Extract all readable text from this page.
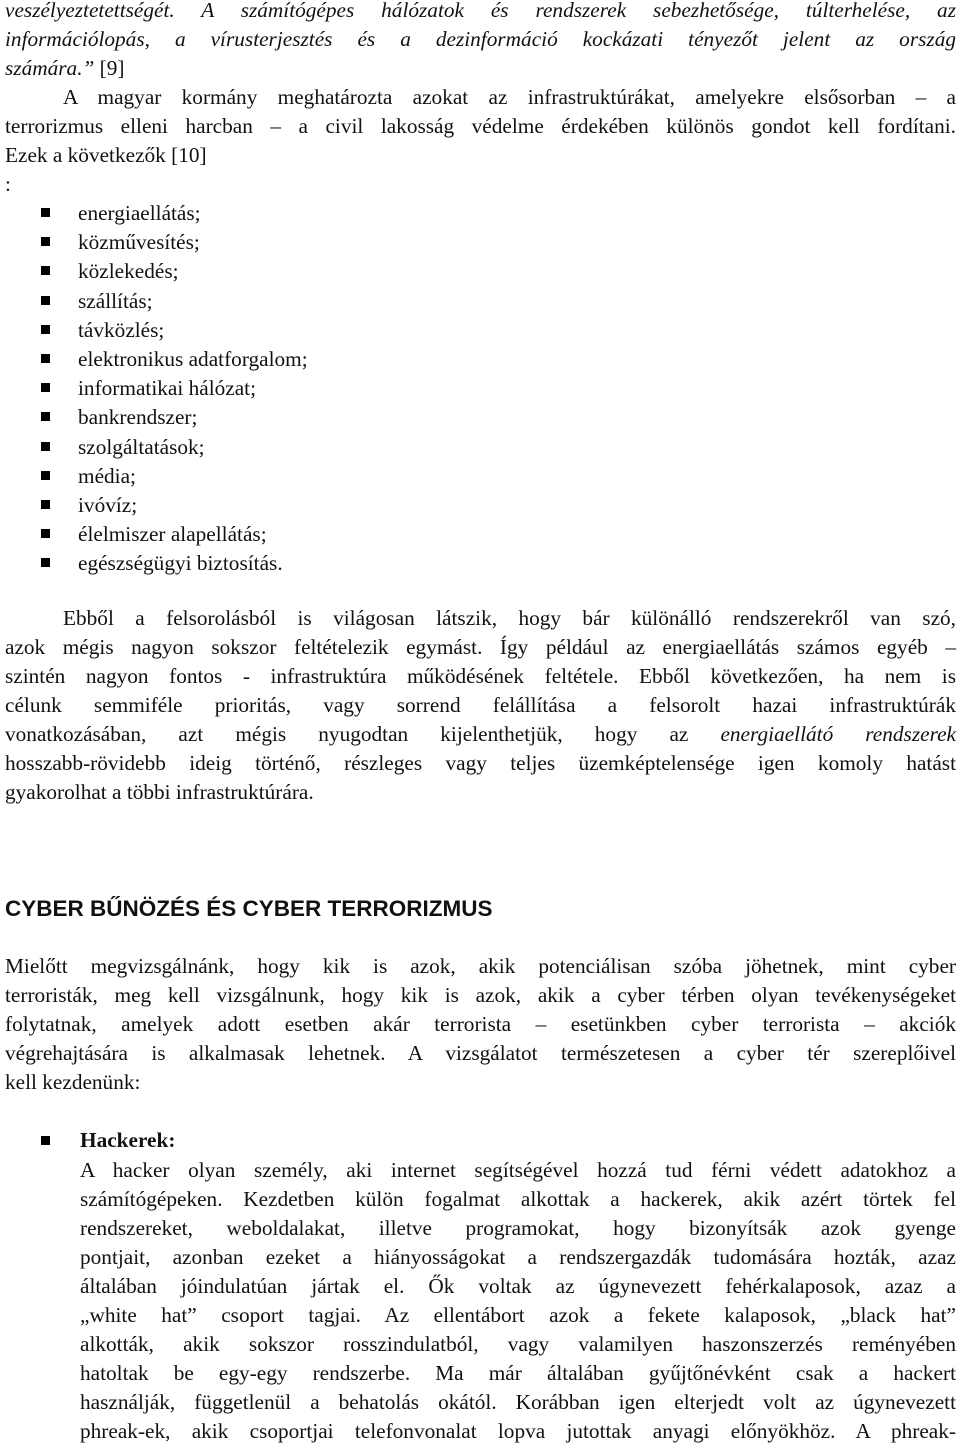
veszélyeztetettségét. A számítógépes hálózatok és rendszerek sebezhetősége, túlterhelése, az
információlopás, a vírusterjesztés és a dezinformáció kockázati tényezőt jelent az ország
számára.” [9]
A magyar kormány meghatározta azokat az infrastruktúrákat, amelyekre elsősorban – a
terrorizmus elleni harcban – a civil lakosság védelme érdekében különös gondot kell fordítani.
Ezek a következők [10]
:
energiaellátás;
közművesítés;
közlekedés;
szállítás;
távközlés;
elektronikus adatforgalom;
informatikai hálózat;
bankrendszer;
szolgáltatások;
média;
ivóvíz;
élelmiszer alapellátás;
egészségügyi biztosítás.
Ebből a felsorolásból is világosan látszik, hogy bár különálló rendszerekről van szó,
azok mégis nagyon sokszor feltételezik egymást. Így például az energiaellátás számos egyéb –
szintén nagyon fontos - infrastruktúra működésének feltétele. Ebből következően, ha nem is
célunk semmiféle prioritás, vagy sorrend felállítása a felsorolt hazai infrastruktúrák
vonatkozásában, azt mégis nyugodtan kijelenthetjük, hogy az energiaellátó rendszerek
hosszabb-rövidebb ideig történő, részleges vagy teljes üzemképtelensége igen komoly hatást
gyakorolhat a többi infrastruktúrára.
CYBER BŰNÖZÉS ÉS CYBER TERRORIZMUS
Mielőtt megvizsgálnánk, hogy kik is azok, akik potenciálisan szóba jöhetnek, mint cyber
terroristák, meg kell vizsgálnunk, hogy kik is azok, akik a cyber térben olyan tevékenységeket
folytatnak, amelyek adott esetben akár terrorista – esetünkben cyber terrorista – akciók
végrehajtására is alkalmasak lehetnek. A vizsgálatot természetesen a cyber tér szereplőivel
kell kezdenünk:

Hackerek:

A hacker olyan személy, aki internet segítségével hozzá tud férni védett adatokhoz a
számítógépeken. Kezdetben külön fogalmat alkottak a hackerek, akik azért törtek fel
rendszereket, weboldalakat, illetve programokat, hogy bizonyítsák azok gyenge
pontjait, azonban ezeket a hiányosságokat a rendszergazdák tudomására hozták, azaz
általában jóindulatúan jártak el. Ők voltak az úgynevezett fehérkalaposok, azaz a
„white hat” csoport tagjai. Az ellentábort azok a fekete kalaposok, „black hat”
alkották, akik sokszor rosszindulatból, vagy valamilyen haszonszerzés reményében
hatoltak be egy-egy rendszerbe. Ma már általában gyűjtőnévként csak a hackert
használják, függetlenül a behatolás okától. Korábban igen elterjedt volt az úgynevezett
phreak-ek, akik csoportjai telefonvonalat lopva jutottak anyagi előnyökhöz. A phreak-
